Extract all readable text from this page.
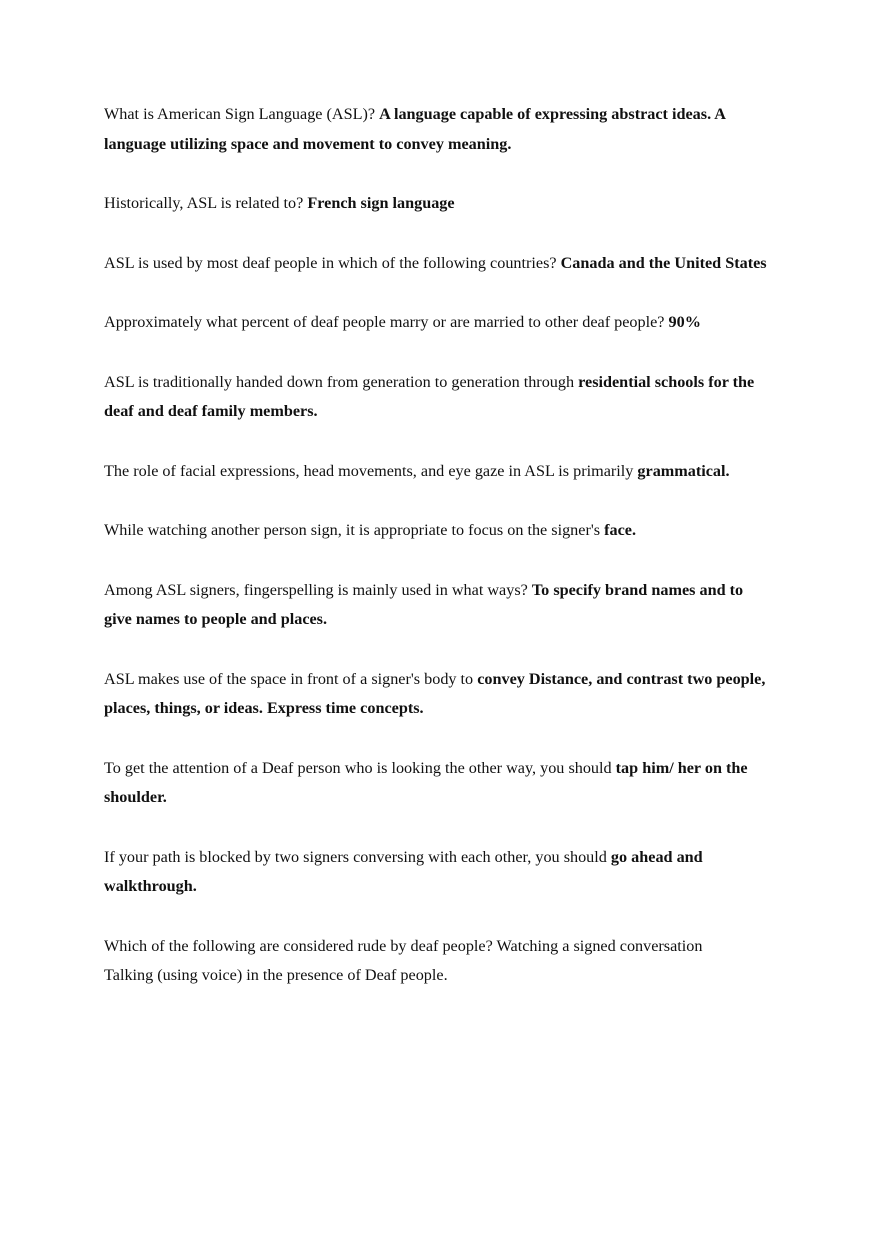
What is American Sign Language (ASL)? A language capable of expressing abstract ideas. A language utilizing space and movement to convey meaning.

Historically, ASL is related to? French sign language

ASL is used by most deaf people in which of the following countries? Canada and the United States

Approximately what percent of deaf people marry or are married to other deaf people? 90%

ASL is traditionally handed down from generation to generation through residential schools for the deaf and deaf family members.

The role of facial expressions, head movements, and eye gaze in ASL is primarily grammatical.

While watching another person sign, it is appropriate to focus on the signer's face.

Among ASL signers, fingerspelling is mainly used in what ways? To specify brand names and to give names to people and places.

ASL makes use of the space in front of a signer's body to convey Distance, and contrast two people, places, things, or ideas. Express time concepts.

To get the attention of a Deaf person who is looking the other way, you should tap him/ her on the shoulder.

If your path is blocked by two signers conversing with each other, you should go ahead and walkthrough.

Which of the following are considered rude by deaf people? Watching a signed conversation Talking (using voice) in the presence of Deaf people.
